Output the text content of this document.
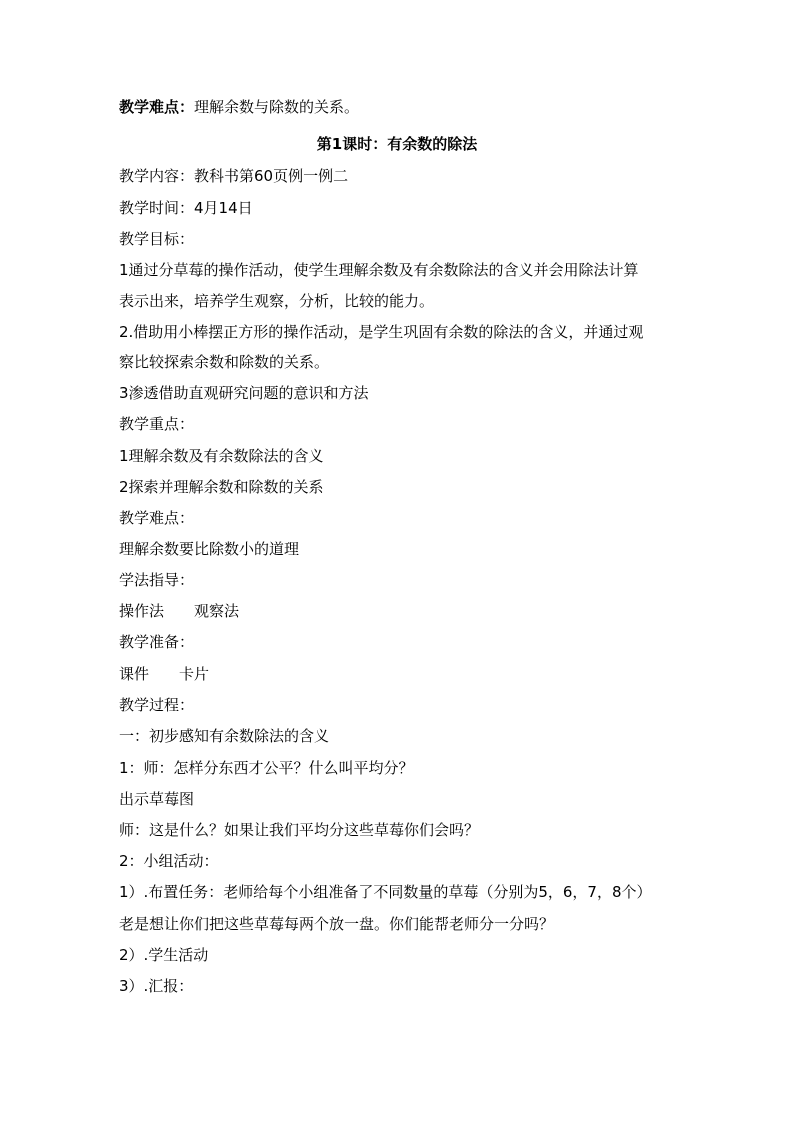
教学难点：理解余数与除数的关系。
第1课时：有余数的除法
教学内容：教科书第60页例一例二
教学时间：4月14日
教学目标：
1通过分草莓的操作活动，使学生理解余数及有余数除法的含义并会用除法计算
表示出来，培养学生观察，分析，比较的能力。
2.借助用小棒摆正方形的操作活动，是学生巩固有余数的除法的含义，并通过观
察比较探索余数和除数的关系。
3渗透借助直观研究问题的意识和方法
教学重点：
1理解余数及有余数除法的含义
2探索并理解余数和除数的关系
教学难点：
理解余数要比除数小的道理
学法指导：
操作法 观察法
教学准备：
课件 卡片
教学过程：
一：初步感知有余数除法的含义
1：师：怎样分东西才公平？什么叫平均分？
出示草莓图
师：这是什么？如果让我们平均分这些草莓你们会吗？
2：小组活动：
1）.布置任务：老师给每个小组准备了不同数量的草莓（分别为5，6，7，8个）
老是想让你们把这些草莓每两个放一盘。你们能帮老师分一分吗？
2）.学生活动
3）.汇报：
